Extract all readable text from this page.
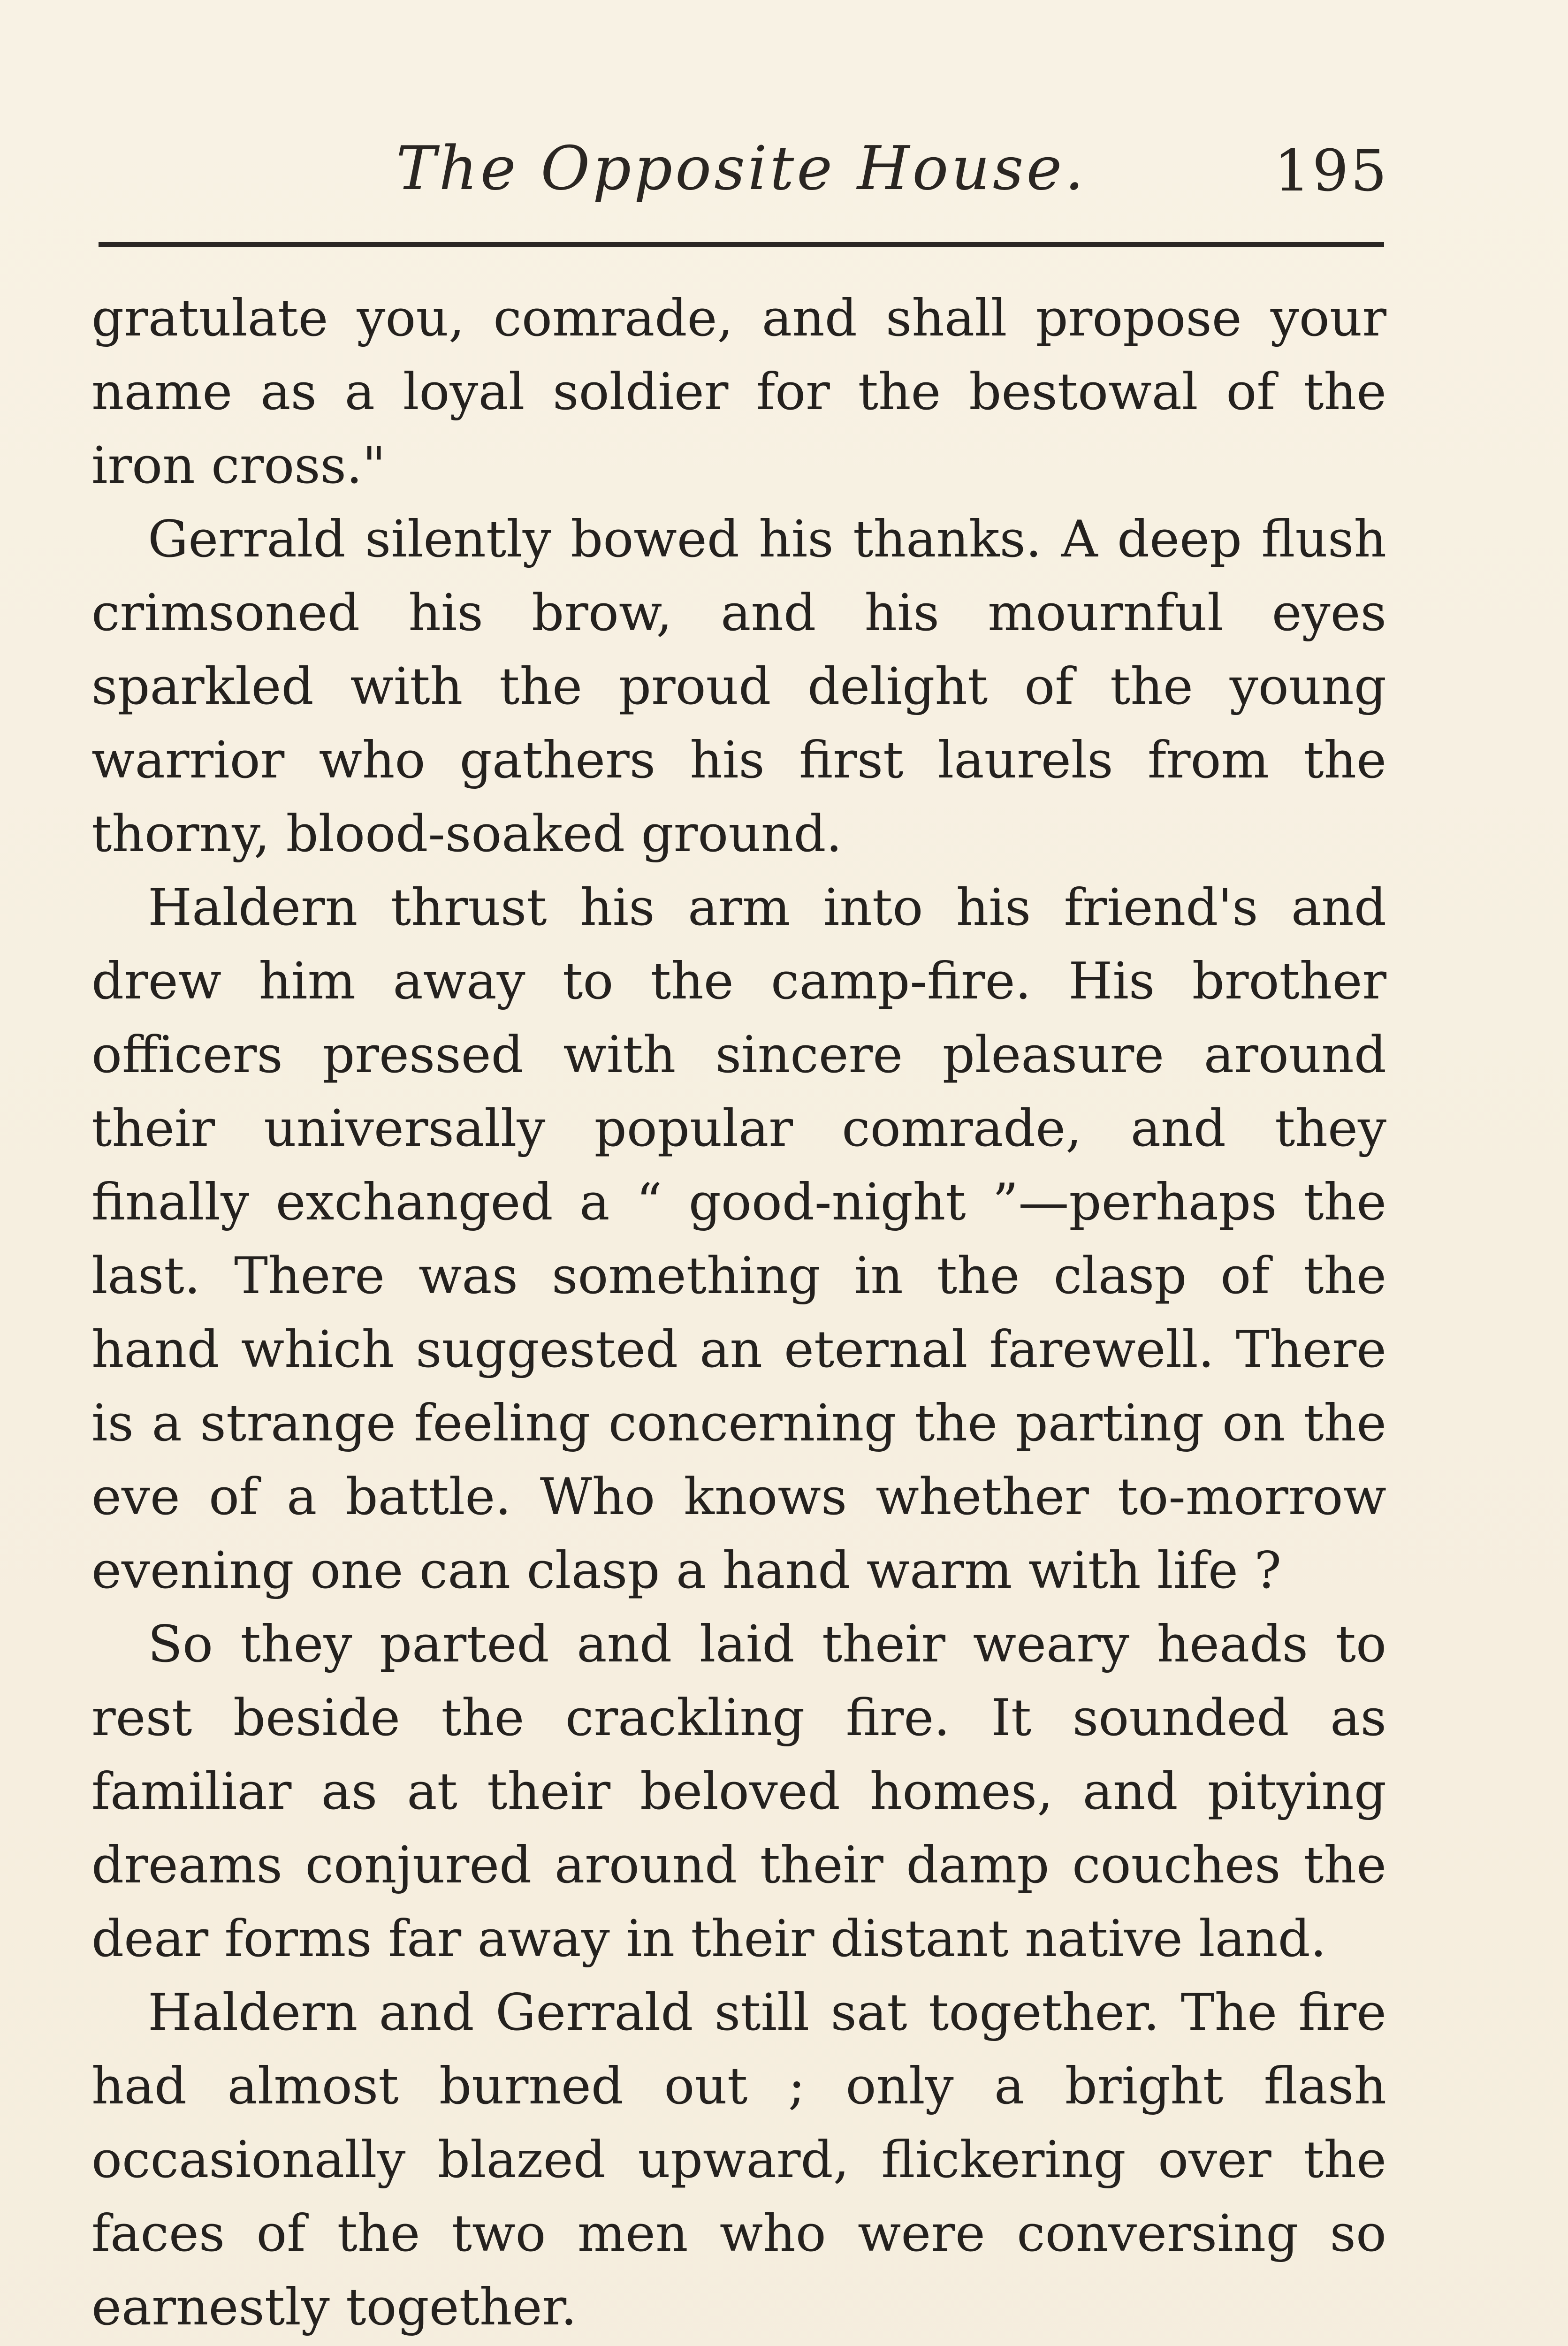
The Opposite House.	195

gratulate you, comrade, and shall propose your name as a loyal soldier for the bestowal of the iron cross."

Gerrald silently bowed his thanks. A deep flush crimsoned his brow, and his mournful eyes sparkled with the proud delight of the young warrior who gathers his first laurels from the thorny, blood-soaked ground.

Haldern thrust his arm into his friend's and drew him away to the camp-fire. His brother officers pressed with sincere pleasure around their universally popular comrade, and they finally exchanged a “ good-night ”—perhaps the last. There was something in the clasp of the hand which suggested an eternal farewell. There is a strange feeling concerning the parting on the eve of a battle. Who knows whether to-morrow evening one can clasp a hand warm with life ?

So they parted and laid their weary heads to rest beside the crackling fire. It sounded as familiar as at their beloved homes, and pitying dreams conjured around their damp couches the dear forms far away in their distant native land.

Haldern and Gerrald still sat together. The fire had almost burned out ; only a bright flash occasionally blazed upward, flickering over the faces of the two men who were conversing so earnestly together.
